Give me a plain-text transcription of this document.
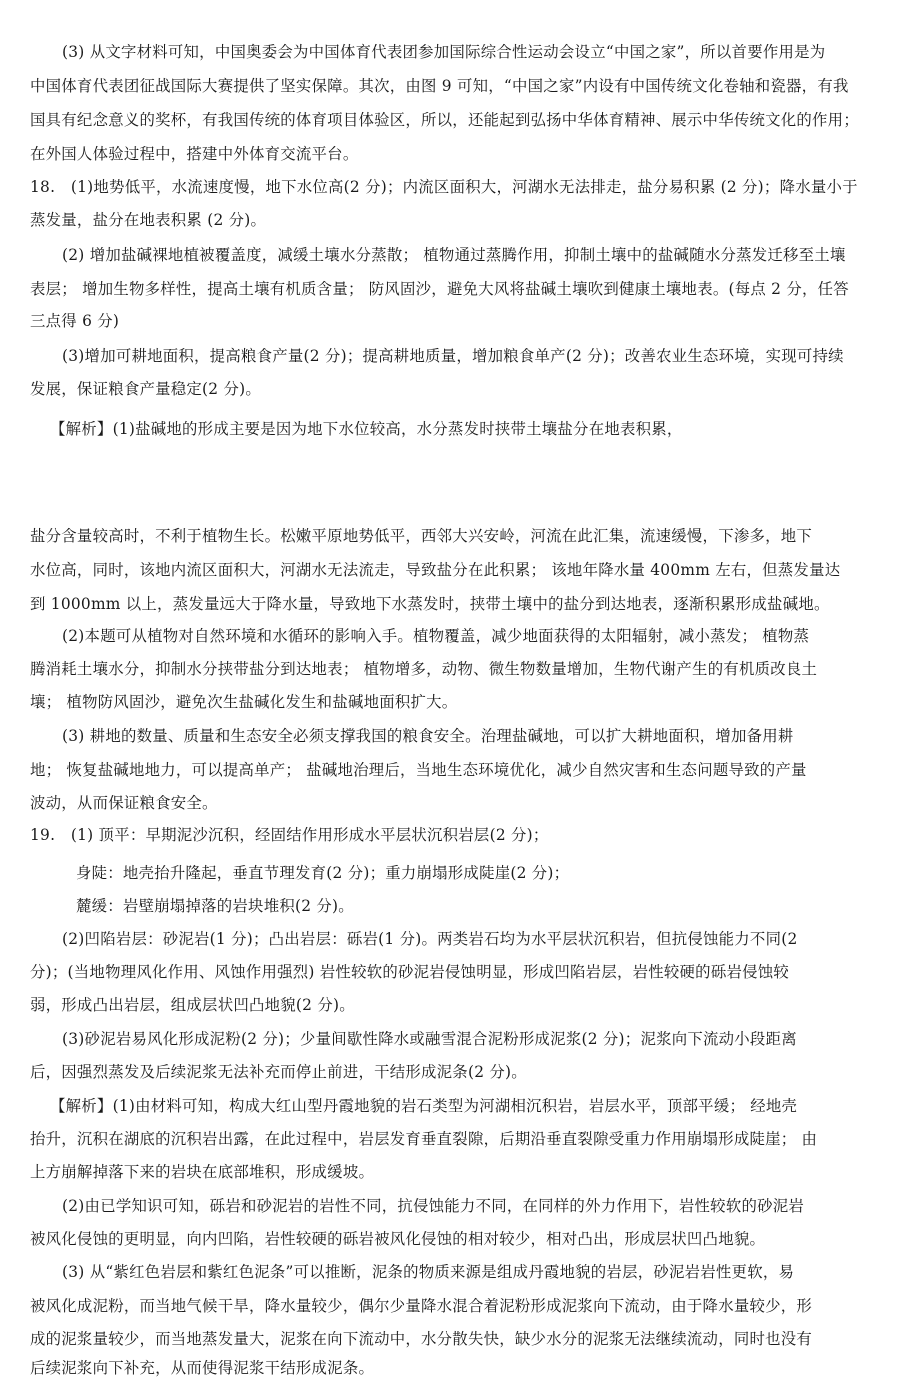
(3) 从文字材料可知，中国奥委会为中国体育代表团参加国际综合性运动会设立“中国之家”，所以首要作用是为
中国体育代表团征战国际大赛提供了坚实保障。其次，由图 9 可知，“中国之家”内设有中国传统文化卷轴和瓷器，有我
国具有纪念意义的奖杯，有我国传统的体育项目体验区，所以，还能起到弘扬中华体育精神、展示中华传统文化的作用；
在外国人体验过程中，搭建中外体育交流平台。
18.　(1)地势低平，水流速度慢，地下水位高(2 分)；内流区面积大，河湖水无法排走，盐分易积累 (2 分)；降水量小于
蒸发量，盐分在地表积累 (2 分)。
(2) 增加盐碱裸地植被覆盖度，减缓土壤水分蒸散； 植物通过蒸腾作用，抑制土壤中的盐碱随水分蒸发迁移至土壤
表层； 增加生物多样性，提高土壤有机质含量； 防风固沙，避免大风将盐碱土壤吹到健康土壤地表。(每点 2 分，任答
三点得 6 分)
(3)增加可耕地面积，提高粮食产量(2 分)；提高耕地质量，增加粮食单产(2 分)；改善农业生态环境，实现可持续
发展，保证粮食产量稳定(2 分)。
【解析】(1)盐碱地的形成主要是因为地下水位较高，水分蒸发时挟带土壤盐分在地表积累，
盐分含量较高时，不利于植物生长。松嫩平原地势低平，西邻大兴安岭，河流在此汇集，流速缓慢，下渗多，地下
水位高，同时，该地内流区面积大，河湖水无法流走，导致盐分在此积累； 该地年降水量 400mm 左右，但蒸发量达
到 1000mm 以上，蒸发量远大于降水量，导致地下水蒸发时，挟带土壤中的盐分到达地表，逐渐积累形成盐碱地。
(2)本题可从植物对自然环境和水循环的影响入手。植物覆盖，减少地面获得的太阳辐射，减小蒸发； 植物蒸
腾消耗土壤水分，抑制水分挟带盐分到达地表； 植物增多，动物、微生物数量增加，生物代谢产生的有机质改良土
壤； 植物防风固沙，避免次生盐碱化发生和盐碱地面积扩大。
(3) 耕地的数量、质量和生态安全必须支撑我国的粮食安全。治理盐碱地，可以扩大耕地面积，增加备用耕
地； 恢复盐碱地地力，可以提高单产； 盐碱地治理后，当地生态环境优化，减少自然灾害和生态问题导致的产量
波动，从而保证粮食安全。
19.　(1) 顶平：早期泥沙沉积，经固结作用形成水平层状沉积岩层(2 分)；
身陡：地壳抬升隆起，垂直节理发育(2 分)；重力崩塌形成陡崖(2 分)；
麓缓：岩壁崩塌掉落的岩块堆积(2 分)。
(2)凹陷岩层：砂泥岩(1 分)；凸出岩层：砾岩(1 分)。两类岩石均为水平层状沉积岩，但抗侵蚀能力不同(2
分)；(当地物理风化作用、风蚀作用强烈) 岩性较软的砂泥岩侵蚀明显，形成凹陷岩层，岩性较硬的砾岩侵蚀较
弱，形成凸出岩层，组成层状凹凸地貌(2 分)。
(3)砂泥岩易风化形成泥粉(2 分)；少量间歇性降水或融雪混合泥粉形成泥浆(2 分)；泥浆向下流动小段距离
后，因强烈蒸发及后续泥浆无法补充而停止前进，干结形成泥条(2 分)。
【解析】(1)由材料可知，构成大红山型丹霞地貌的岩石类型为河湖相沉积岩，岩层水平，顶部平缓； 经地壳
抬升，沉积在湖底的沉积岩出露，在此过程中，岩层发育垂直裂隙，后期沿垂直裂隙受重力作用崩塌形成陡崖； 由
上方崩解掉落下来的岩块在底部堆积，形成缓坡。
(2)由已学知识可知，砾岩和砂泥岩的岩性不同，抗侵蚀能力不同，在同样的外力作用下，岩性较软的砂泥岩
被风化侵蚀的更明显，向内凹陷，岩性较硬的砾岩被风化侵蚀的相对较少，相对凸出，形成层状凹凸地貌。
(3) 从“紫红色岩层和紫红色泥条”可以推断，泥条的物质来源是组成丹霞地貌的岩层，砂泥岩岩性更软，易
被风化成泥粉，而当地气候干旱，降水量较少，偶尔少量降水混合着泥粉形成泥浆向下流动，由于降水量较少，形
成的泥浆量较少，而当地蒸发量大，泥浆在向下流动中，水分散失快，缺少水分的泥浆无法继续流动，同时也没有
后续泥浆向下补充，从而使得泥浆干结形成泥条。
